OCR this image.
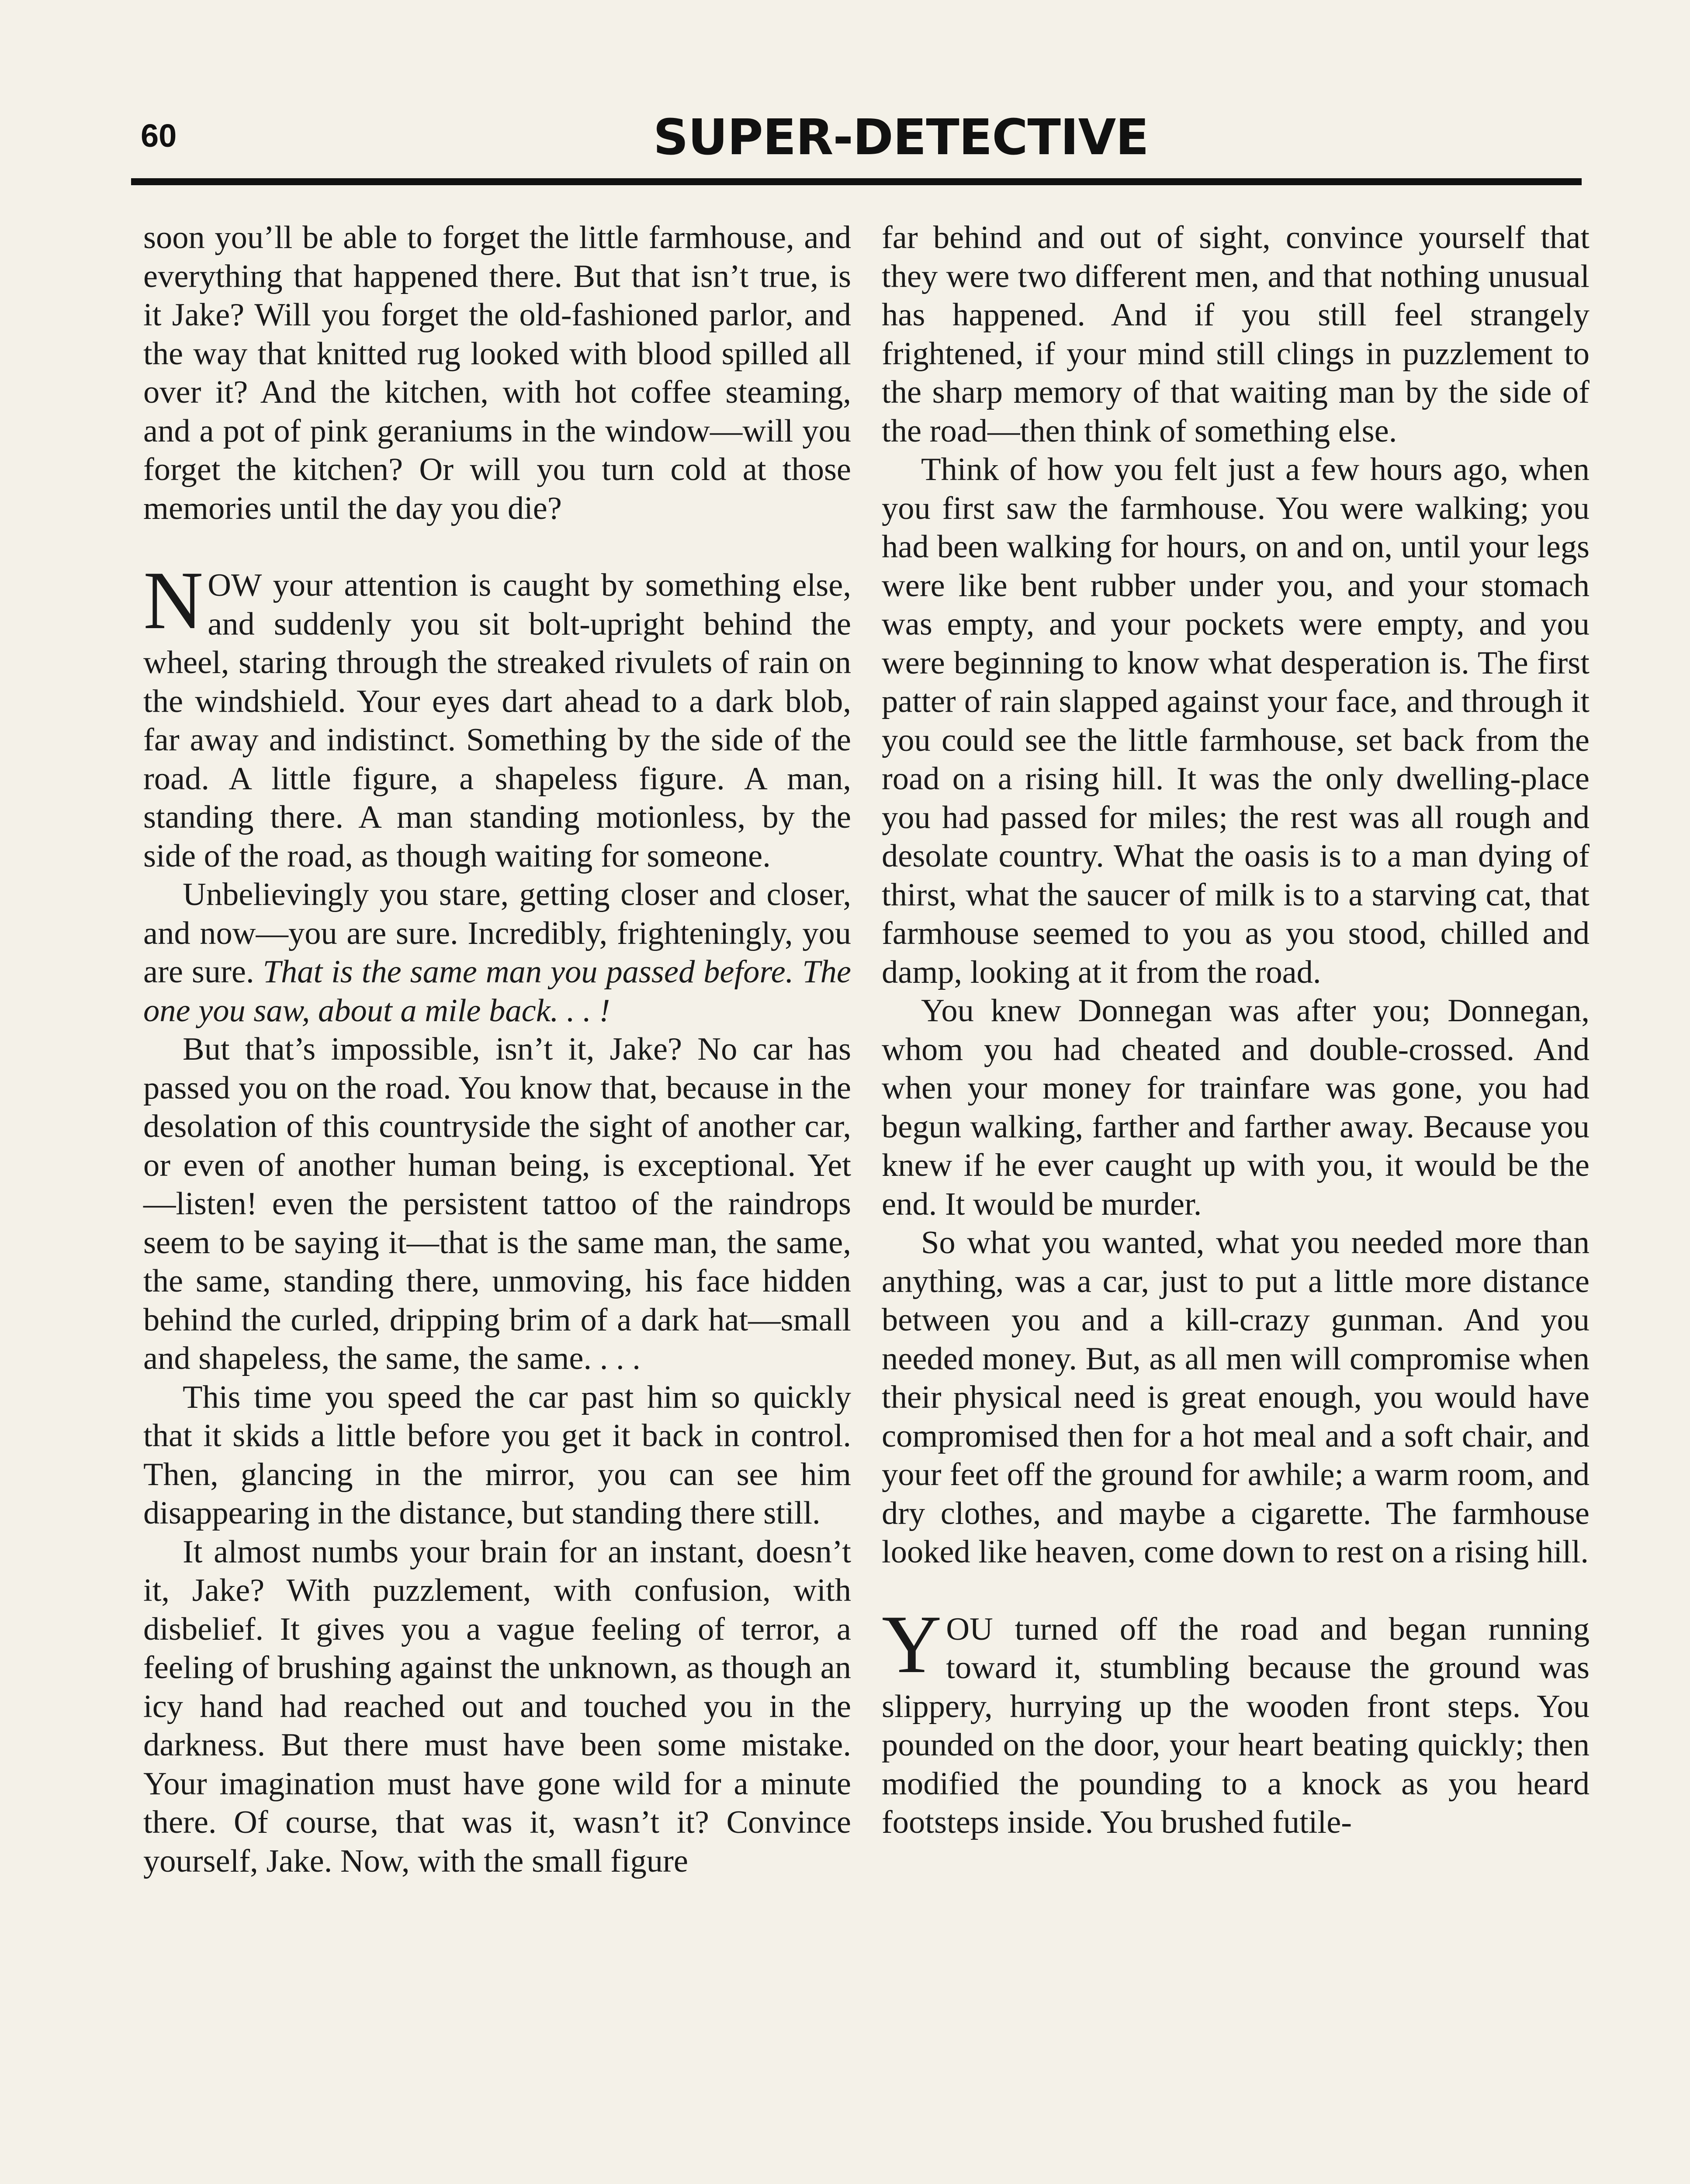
60	SUPER-DETECTIVE

soon you’ll be able to forget the little farmhouse, and everything that happened there. But that isn’t true, is it Jake? Will you forget the old-fashioned parlor, and the way that knitted rug looked with blood spilled all over it? And the kitchen, with hot coffee steaming, and a pot of pink geraniums in the window—will you forget the kitchen? Or will you turn cold at those memories until the day you die?

NOW your attention is caught by something else, and suddenly you sit bolt-upright behind the wheel, staring through the streaked rivulets of rain on the windshield. Your eyes dart ahead to a dark blob, far away and indistinct. Something by the side of the road. A little figure, a shapeless figure. A man, standing there. A man standing motionless, by the side of the road, as though waiting for someone.

Unbelievingly you stare, getting closer and closer, and now—you are sure. Incredibly, frighteningly, you are sure. That is the same man you passed before. The one you saw, about a mile back. . . !

But that’s impossible, isn’t it, Jake? No car has passed you on the road. You know that, because in the desolation of this countryside the sight of another car, or even of another human being, is exceptional. Yet —listen! even the persistent tattoo of the raindrops seem to be saying it—that is the same man, the same, the same, standing there, unmoving, his face hidden behind the curled, dripping brim of a dark hat—small and shapeless, the same, the same. . . .

This time you speed the car past him so quickly that it skids a little before you get it back in control. Then, glancing in the mirror, you can see him disappearing in the distance, but standing there still.

It almost numbs your brain for an instant, doesn’t it, Jake? With puzzlement, with confusion, with disbelief. It gives you a vague feeling of terror, a feeling of brushing against the unknown, as though an icy hand had reached out and touched you in the darkness. But there must have been some mistake. Your imagination must have gone wild for a minute there. Of course, that was it, wasn’t it? Convince yourself, Jake. Now, with the small figure

far behind and out of sight, convince yourself that they were two different men, and that nothing unusual has happened. And if you still feel strangely frightened, if your mind still clings in puzzlement to the sharp memory of that waiting man by the side of the road—then think of something else.

Think of how you felt just a few hours ago, when you first saw the farmhouse. You were walking; you had been walking for hours, on and on, until your legs were like bent rubber under you, and your stomach was empty, and your pockets were empty, and you were beginning to know what desperation is. The first patter of rain slapped against your face, and through it you could see the little farmhouse, set back from the road on a rising hill. It was the only dwelling-place you had passed for miles; the rest was all rough and desolate country. What the oasis is to a man dying of thirst, what the saucer of milk is to a starving cat, that farmhouse seemed to you as you stood, chilled and damp, looking at it from the road.

You knew Donnegan was after you; Donnegan, whom you had cheated and double-crossed. And when your money for trainfare was gone, you had begun walking, farther and farther away. Because you knew if he ever caught up with you, it would be the end. It would be murder.

So what you wanted, what you needed more than anything, was a car, just to put a little more distance between you and a kill-crazy gunman. And you needed money. But, as all men will compromise when their physical need is great enough, you would have compromised then for a hot meal and a soft chair, and your feet off the ground for awhile; a warm room, and dry clothes, and maybe a cigarette. The farmhouse looked like heaven, come down to rest on a rising hill.

YOU turned off the road and began running toward it, stumbling because the ground was slippery, hurrying up the wooden front steps. You pounded on the door, your heart beating quickly; then modified the pounding to a knock as you heard footsteps inside. You brushed futile-
